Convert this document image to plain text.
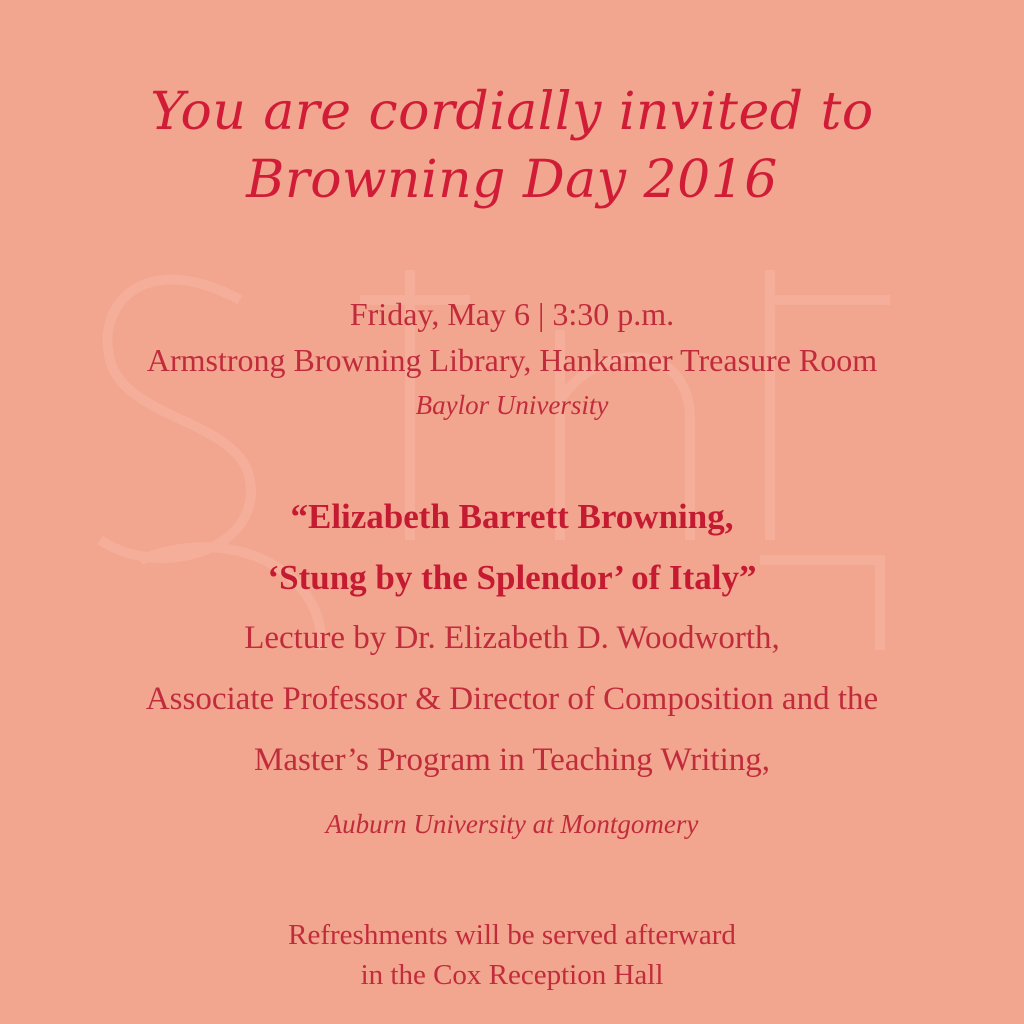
You are cordially invited to
Browning Day 2016
Friday, May 6 | 3:30 p.m.
Armstrong Browning Library, Hankamer Treasure Room
Baylor University
“Elizabeth Barrett Browning,
‘Stung by the Splendor’ of Italy”
Lecture by Dr. Elizabeth D. Woodworth,
Associate Professor & Director of Composition and the
Master’s Program in Teaching Writing,
Auburn University at Montgomery
Refreshments will be served afterward
in the Cox Reception Hall
